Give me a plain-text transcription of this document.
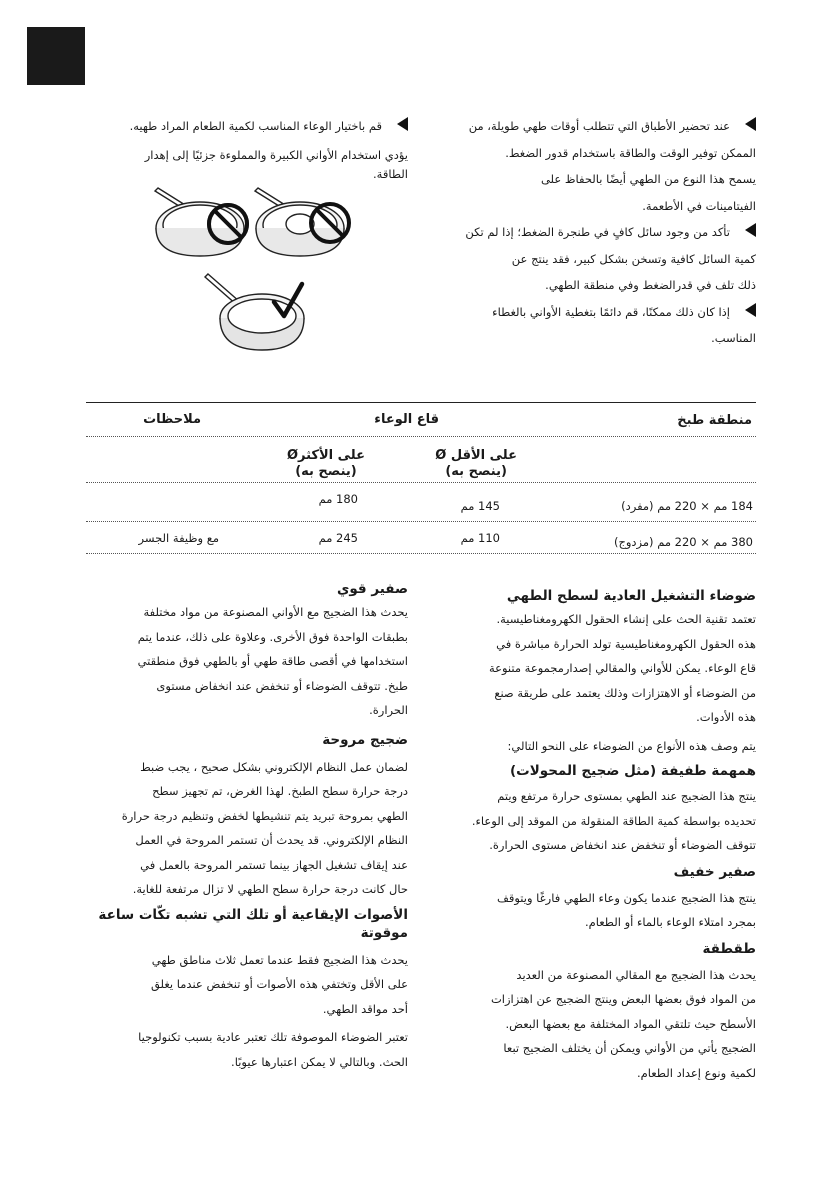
عند تحضير الأطباق التي تتطلب أوقات طهي طويلة، من

الممكن توفير الوقت والطاقة باستخدام قدور الضغط.

يسمح هذا النوع من الطهي أيضًا بالحفاظ على

الفيتامينات في الأطعمة.

تأكد من وجود سائل كافٍ في طنجرة الضغط؛ إذا لم تكن

كمية السائل كافية وتسخن بشكل كبير، فقد ينتج عن

ذلك تلف في قدرالضغط وفي منطقة الطهي.

إذا كان ذلك ممكنًا، قم دائمًا بتغطية الأواني بالغطاء

المناسب.

قم باختيار الوعاء المناسب لكمية الطعام المراد طهيه.

يؤدي استخدام الأواني الكبيرة والمملوءة جزئيًا إلى إهدار

الطاقة.

منطقة طبخ
قاع الوعاء
ملاحظات
على الأقل Ø
(ينصح به)
على الأكثرØ
(ينصح به)
184 مم × 220 مم (مفرد)
145 مم
180 مم
380 مم × 220 مم (مزدوج)
110 مم
245 مم
مع وظيفة الجسر

ضوضاء التشغيل العادية لسطح الطهي

تعتمد تقنية الحث على إنشاء الحقول الكهرومغناطيسية.

هذه الحقول الكهرومغناطيسية تولد الحرارة مباشرة في

قاع الوعاء. يمكن للأواني والمقالي إصدارمجموعة متنوعة

من الضوضاء أو الاهتزازات وذلك يعتمد على طريقة صنع

هذه الأدوات.

يتم وصف هذه الأنواع من الضوضاء على النحو التالي:

همهمة طفيفة (مثل ضجيج المحولات)

ينتج هذا الضجيج عند الطهي بمستوى حرارة مرتفع ويتم

تحديده بواسطة كمية الطاقة المنقولة من الموقد إلى الوعاء.

تتوقف الضوضاء أو تنخفض عند انخفاض مستوى الحرارة.

صفير خفيف

ينتج هذا الضجيج عندما يكون وعاء الطهي فارغًا ويتوقف

بمجرد امتلاء الوعاء بالماء أو الطعام.

طقطقة

يحدث هذا الضجيج مع المقالي المصنوعة من العديد

من المواد فوق بعضها البعض وينتج الضجيج عن اهتزازات

الأسطح حيث تلتقي المواد المختلفة مع بعضها البعض.

الضجيج يأتي من الأواني ويمكن أن يختلف الضجيج تبعا

لكمية ونوع إعداد الطعام.

صفير قوي

يحدث هذا الضجيج مع الأواني المصنوعة من مواد مختلفة

بطبقات الواحدة فوق الأخرى. وعلاوة على ذلك، عندما يتم

استخدامها في أقصى طاقة طهي أو بالطهي فوق منطقتي

طبخ. تتوقف الضوضاء أو تنخفض عند انخفاض مستوى

الحرارة.

ضجيج مروحة

لضمان عمل النظام الإلكتروني بشكل صحيح ، يجب ضبط

درجة حرارة سطح الطبخ. لهذا الغرض، تم تجهيز سطح

الطهي بمروحة تبريد يتم تنشيطها لخفض وتنظيم درجة حرارة

النظام الإلكتروني. قد يحدث أن تستمر المروحة في العمل

عند إيقاف تشغيل الجهاز بينما تستمر المروحة بالعمل في

حال كانت درجة حرارة سطح الطهي لا تزال مرتفعة للغاية.

الأصوات الإيقاعية أو تلك التي تشبه تكّات ساعة

موقوتة

يحدث هذا الضجيج فقط عندما تعمل ثلاث مناطق طهي

على الأقل وتختفي هذه الأصوات أو تنخفض عندما يغلق

أحد مواقد الطهي.

تعتبر الضوضاء الموصوفة تلك تعتبر عادية بسبب تكنولوجيا

الحث. وبالتالي لا يمكن اعتبارها عيوبًا.
